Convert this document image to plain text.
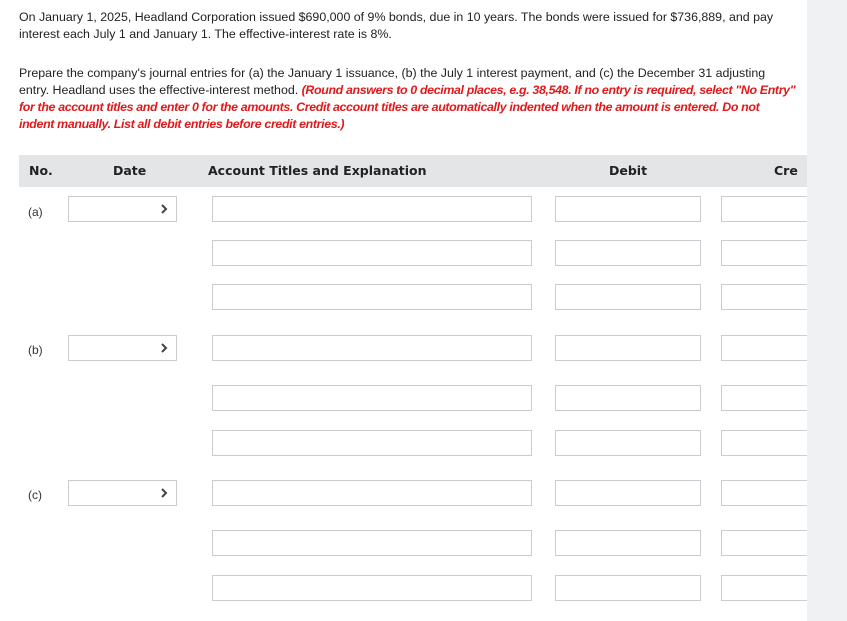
On January 1, 2025, Headland Corporation issued $690,000 of 9% bonds, due in 10 years. The bonds were issued for $736,889, and pay interest each July 1 and January 1. The effective-interest rate is 8%.
Prepare the company's journal entries for (a) the January 1 issuance, (b) the July 1 interest payment, and (c) the December 31 adjusting entry. Headland uses the effective-interest method. (Round answers to 0 decimal places, e.g. 38,548. If no entry is required, select "No Entry" for the account titles and enter 0 for the amounts. Credit account titles are automatically indented when the amount is entered. Do not indent manually. List all debit entries before credit entries.)
No.	Date	Account Titles and Explanation	Debit	Cre
(a)
(b)
(c)
